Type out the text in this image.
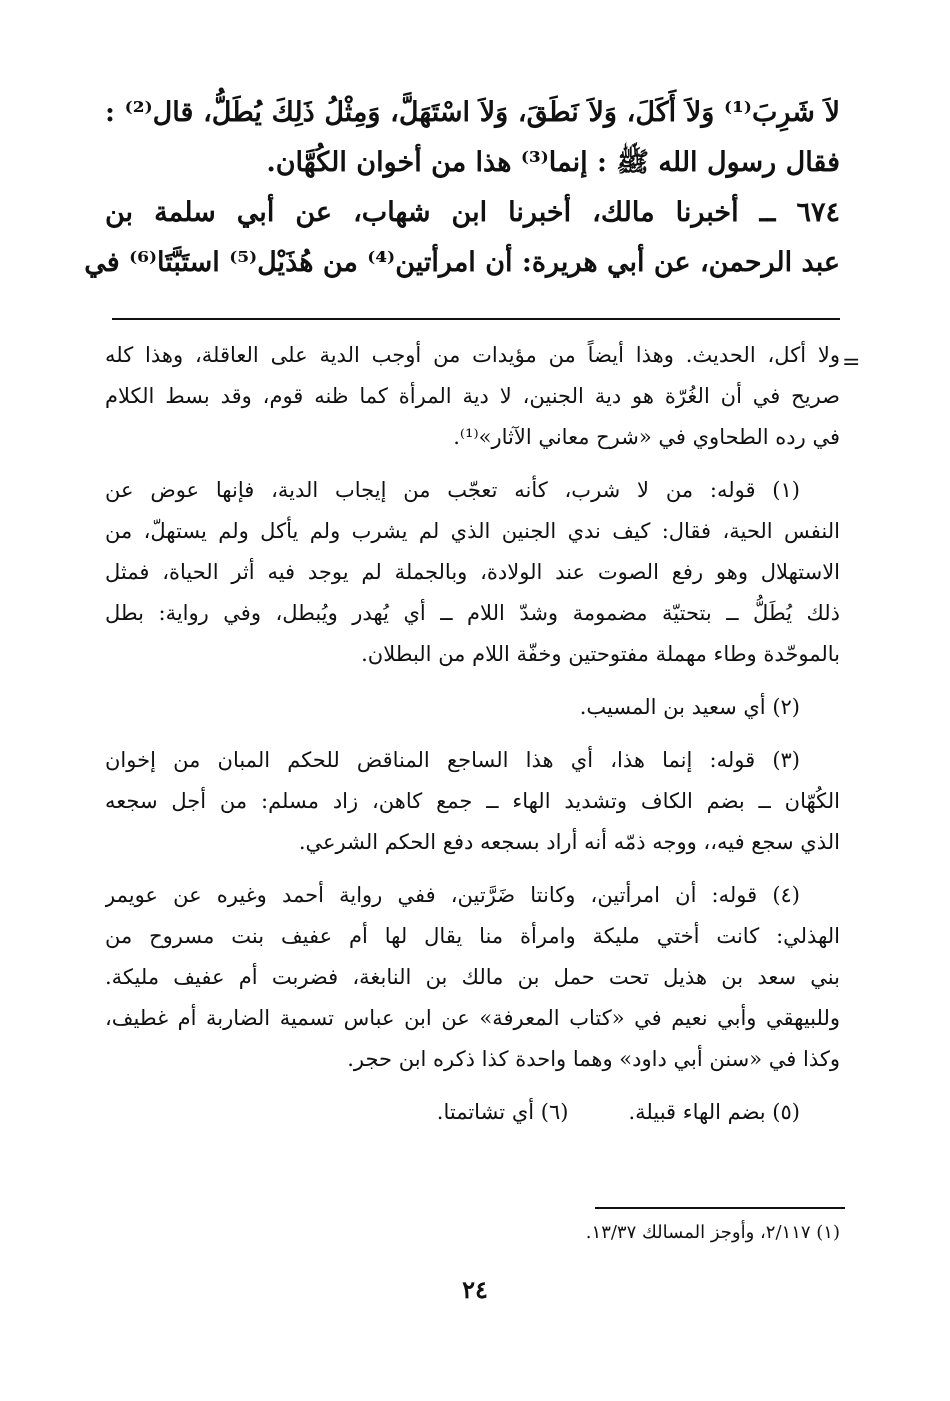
لاَ شَرِبَ⁽¹⁾ وَلاَ أَكَلَ، وَلاَ نَطَقَ، وَلاَ اسْتَهَلَّ، وَمِثْلُ ذَلِكَ يُطَلُّ، قال⁽²⁾ :
فقال رسول الله ﷺ : إنما⁽³⁾ هذا من أخوان الكُهَّان.
٦٧٤ ــ أخبرنا مالك، أخبرنا ابن شهاب، عن أبي سلمة بن
عبد الرحمن، عن أبي هريرة: أن امرأتين⁽⁴⁾ من هُذَيْل⁽⁵⁾ استَبَّتَا⁽⁶⁾ في
=
ولا أكل، الحديث. وهذا أيضاً من مؤيدات من أوجب الدية على العاقلة، وهذا كله
صريح في أن الغُرّة هو دية الجنين، لا دية المرأة كما ظنه قوم، وقد بسط الكلام
في رده الطحاوي في «شرح معاني الآثار»⁽¹⁾.
(١) قوله: من لا شرب، كأنه تعجّب من إيجاب الدية، فإنها عوض عن
النفس الحية، فقال: كيف ندي الجنين الذي لم يشرب ولم يأكل ولم يستهلّ، من
الاستهلال وهو رفع الصوت عند الولادة، وبالجملة لم يوجد فيه أثر الحياة، فمثل
ذلك يُطَلُّ ــ بتحتيّة مضمومة وشدّ اللام ــ أي يُهدر ويُبطل، وفي رواية: بطل
بالموحّدة وطاء مهملة مفتوحتين وخفّة اللام من البطلان.
(٢) أي سعيد بن المسيب.
(٣) قوله: إنما هذا، أي هذا الساجع المناقض للحكم المبان من إخوان
الكُهّان ــ بضم الكاف وتشديد الهاء ــ جمع كاهن، زاد مسلم: من أجل سجعه
الذي سجع فيه،، ووجه ذمّه أنه أراد بسجعه دفع الحكم الشرعي.
(٤) قوله: أن امرأتين، وكانتا ضَرَّتين، ففي رواية أحمد وغيره عن عويمر
الهذلي: كانت أختي مليكة وامرأة منا يقال لها أم عفيف بنت مسروح من
بني سعد بن هذيل تحت حمل بن مالك بن النابغة، فضربت أم عفيف مليكة.
وللبيهقي وأبي نعيم في «كتاب المعرفة» عن ابن عباس تسمية الضاربة أم غطيف،
وكذا في «سنن أبي داود» وهما واحدة كذا ذكره ابن حجر.
(٥) بضم الهاء قبيلة.
(٦) أي تشاتمتا.
(١) ٢/١١٧، وأوجز المسالك ١٣/٣٧.
٢٤
